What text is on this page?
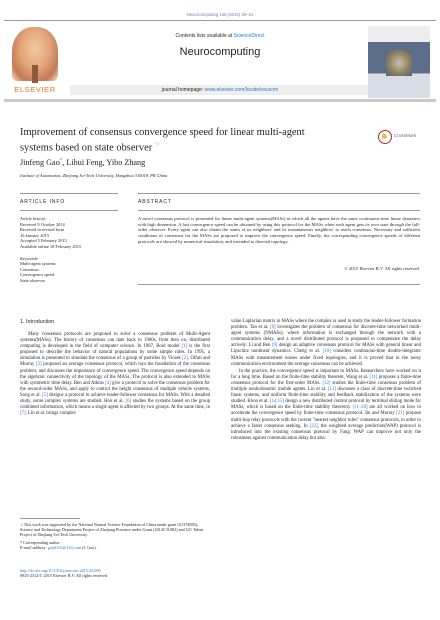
Neurocomputing 158 (2015) 26–31
ELSEVIER
Contents lists available at ScienceDirect
Neurocomputing
journal homepage: www.elsevier.com/locate/neucom
Improvement of consensus convergence speed for linear multi-agent systems based on state observer ☆
CrossMark
Jinfeng Gao*, Lihui Feng, Yibo Zhang
Institute of Automation, Zhejiang Sci-Tech University, Hangzhou 310018, PR China
ARTICLE INFO	ABSTRACT
Article history:
Received 9 October 2014
Received in revised form
16 January 2015
Accepted 5 February 2015
Available online 18 February 2015
Keywords:
Multi-agent systems
Consensus
Convergence speed
State observer
A novel consensus protocol is presented for linear multi-agent systems(MASs) in which all the agents have the same continuous-time linear dynamics with high dimension. A fast convergence speed can be obtained by using this protocol for the MASs when each agent gets its own state through the full-order observer. Every agent can also obtain the states of its neighbors' and its instantaneous neighbors' to reach consensus. Necessary and sufficient conditions of consensus for the MASs are proposed to improve the convergence speed. Finally, the corresponding convergence speeds of different protocols are showed by numerical simulation, and extended to directed topology.
© 2015 Elsevier B.V. All rights reserved.
1. Introduction

Many consensus protocols are proposed to solve a consensus problem of Multi-Agent systems(MASs). The history of consensus can date back to 1960s, from then on, distributed computing is developed in the field of computer science. In 1987, Boid model [1] is the first proposed to describe the behavior of natural populations by some simple rules. In 1995, a simulation is presented to simulate the consensus of a group of particles by Vicsek [2]. Olfati and Murray [3] proposed an average consensus protocol, which lays the foundation of the consensus problem, and discusses the importance of convergence speed. The convergence speed depends on the algebraic connectivity of the topology of the MASs. The protocol is also extended to MASs with symmetric time delay. Ren and Atkins [4] give a protocol to solve the consensus problem for the second-order MASs, and apply to control the height consensus of multiple vehicle systems. Song et al. [5] designs a protocol to achieve leader-follower consensus for MASs. With a detailed study, some complex systems are studied. Hou et al. [6] studies the systems based on the group combined information, which means a single agent is affected by two groups. At the same time, in [7], Lin et al. brings complex

value Laplacian matrix in MASs where the complex is used to study the leader-follower formation problem. Tan et al. [8] investigates the problem of consensus for discrete-time networked multi-agent systems (NMASs), where information is exchanged through the network with a communication delay, and a novel distributed protocol is proposed to compensate the delay actively. Li and Ren [9] design an adaptive consensus protocol for MASs with general linear and Lipschitz nonlinear dynamics. Cheng et al. [10] considers continuous-time double-integrator MASs with measurement noises under fixed topologies, and it is proved that in the noisy communication environment the average consensus can be achieved.

In the practice, the convergence speed is important to MASs. Researchers have worked on it for a long time. Based on the finite-time stability theorem, Wang et al. [11] proposes a finite-time consensus protocol for the first-order MASs. [12] studies the finite-time consensus problem of multiple nonholonomic mobile agents. Lin et al. [13] discusses a class of discrete-time switched linear systems, and uniform finite-time stability and feedback stabilization of the systems were studied. Khoo et al. [14,15] design a new distributed control protocol by terminal sliding mode for MASs, which is based on the finite-time stability theorem). [11–20] are all worked on how to accelerate the convergence speed by finite-time consensus protocol. Jin and Murray [21] propose multi-hop relay protocols with the current "nearest neighbor rules" consensus protocols, in order to achieve a faster consensus seeking. In [22], the weighted average prediction(WAP) protocol is introduced into the existing consensus protocol by Fang. WAP can improve not only the robustness against communication delay but also

☆This work was supported by the National Natural Science Foundation of China under grant (61374083), Science and Technology Department Project of Zhejiang Province under Grant (2014C31082) and 521 Talent Project of Zhejiang Sci-Tech University.
* Corresponding author.
E-mail address: gaojf163@163.com (J. Gao).
http://dx.doi.org/10.1016/j.neucom.2015.02.009
0925-2312/© 2015 Elsevier B.V. All rights reserved.
